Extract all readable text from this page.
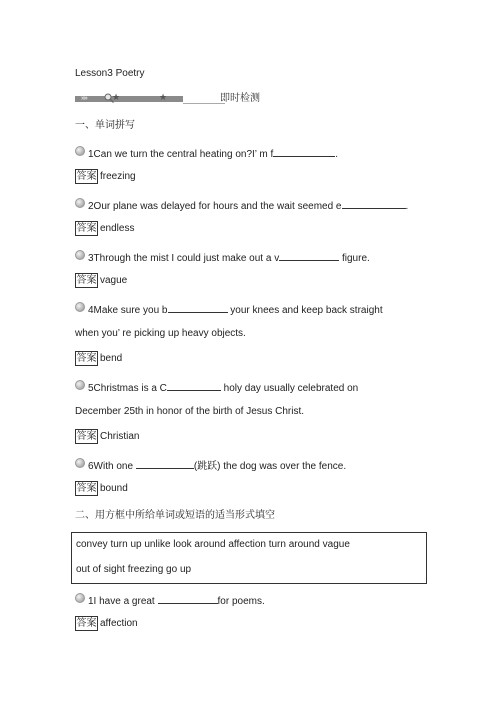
Lesson3 Poetry
»»	★	★	即时检测
一、单词拼写
1Can we turn the central heating on?I’ m f	.
答案 freezing
2Our plane was delayed for hours and the wait seemed e	.
答案 endless
3Through the mist I could just make out a v	figure.
答案 vague
4Make sure you b	your knees and keep back straight
when you’ re picking up heavy objects.
答案 bend
5Christmas is a C	holy day usually celebrated on
December 25th in honor of the birth of Jesus Christ.
答案 Christian
6With one	(跳跃) the dog was over the fence.
答案 bound
二、用方框中所给单词或短语的适当形式填空
convey turn up unlike look around affection turn around vague
out of sight freezing go up
1I have a great	for poems.
答案 affection
